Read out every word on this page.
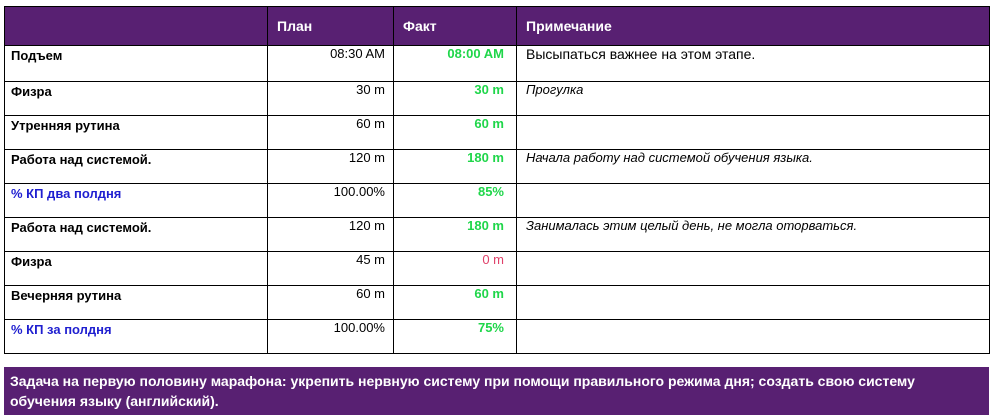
	План	Факт	Примечание
Подъем	08:30 AM	08:00 AM	Высыпаться важнее на этом этапе.
Физра	30 m	30 m	Прогулка
Утренняя рутина	60 m	60 m	
Работа над системой.	120 m	180 m	Начала работу над системой обучения языка.
% КП два полдня	100.00%	85%	
Работа над системой.	120 m	180 m	Занималась этим целый день, не могла оторваться.
Физра	45 m	0 m	
Вечерняя рутина	60 m	60 m	
% КП за полдня	100.00%	75%	
Задача на первую половину марафона: укрепить нервную систему при помощи правильного режима дня; создать свою систему обучения языку (английский).
